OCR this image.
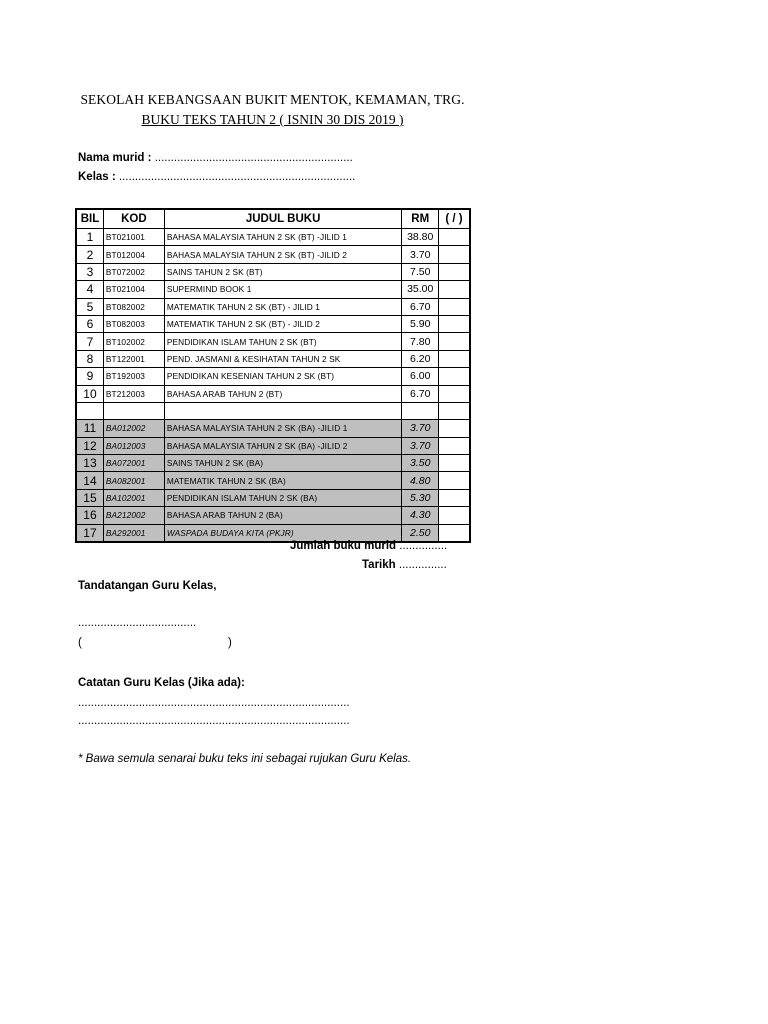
SEKOLAH KEBANGSAAN BUKIT MENTOK, KEMAMAN, TRG.
BUKU TEKS TAHUN 2 ( ISNIN 30 DIS 2019 )
Nama murid : ..............................................................
Kelas : ..........................................................................
BIL	KOD	JUDUL BUKU	RM	( / )
1	BT021001	BAHASA MALAYSIA TAHUN 2 SK (BT) -JILID 1	38.80	
2	BT012004	BAHASA MALAYSIA TAHUN 2 SK (BT) -JILID 2	3.70	
3	BT072002	SAINS TAHUN 2 SK (BT)	7.50	
4	BT021004	SUPERMIND BOOK 1	35.00	
5	BT082002	MATEMATIK TAHUN 2 SK (BT) - JILID 1	6.70	
6	BT082003	MATEMATIK TAHUN 2 SK (BT) - JILID 2	5.90	
7	BT102002	PENDIDIKAN ISLAM TAHUN 2 SK (BT)	7.80	
8	BT122001	PEND. JASMANI & KESIHATAN TAHUN 2 SK	6.20	
9	BT192003	PENDIDIKAN KESENIAN TAHUN 2 SK (BT)	6.00	
10	BT212003	BAHASA ARAB TAHUN 2 (BT)	6.70	

11	BA012002	BAHASA MALAYSIA TAHUN 2 SK (BA) -JILID 1	3.70	
12	BA012003	BAHASA MALAYSIA TAHUN 2 SK (BA) -JILID 2	3.70	
13	BA072001	SAINS TAHUN 2 SK (BA)	3.50	
14	BA082001	MATEMATIK TAHUN 2 SK (BA)	4.80	
15	BA102001	PENDIDIKAN ISLAM TAHUN 2 SK (BA)	5.30	
16	BA212002	BAHASA ARAB TAHUN 2 (BA)	4.30	
17	BA292001	WASPADA BUDAYA KITA (PKJR)	2.50	
Jumlah buku murid ...............
Tarikh ...............
Tandatangan Guru Kelas,
.....................................
(	)
Catatan Guru Kelas (Jika ada):
.....................................................................................
.....................................................................................
* Bawa semula senarai buku teks ini sebagai rujukan Guru Kelas.
